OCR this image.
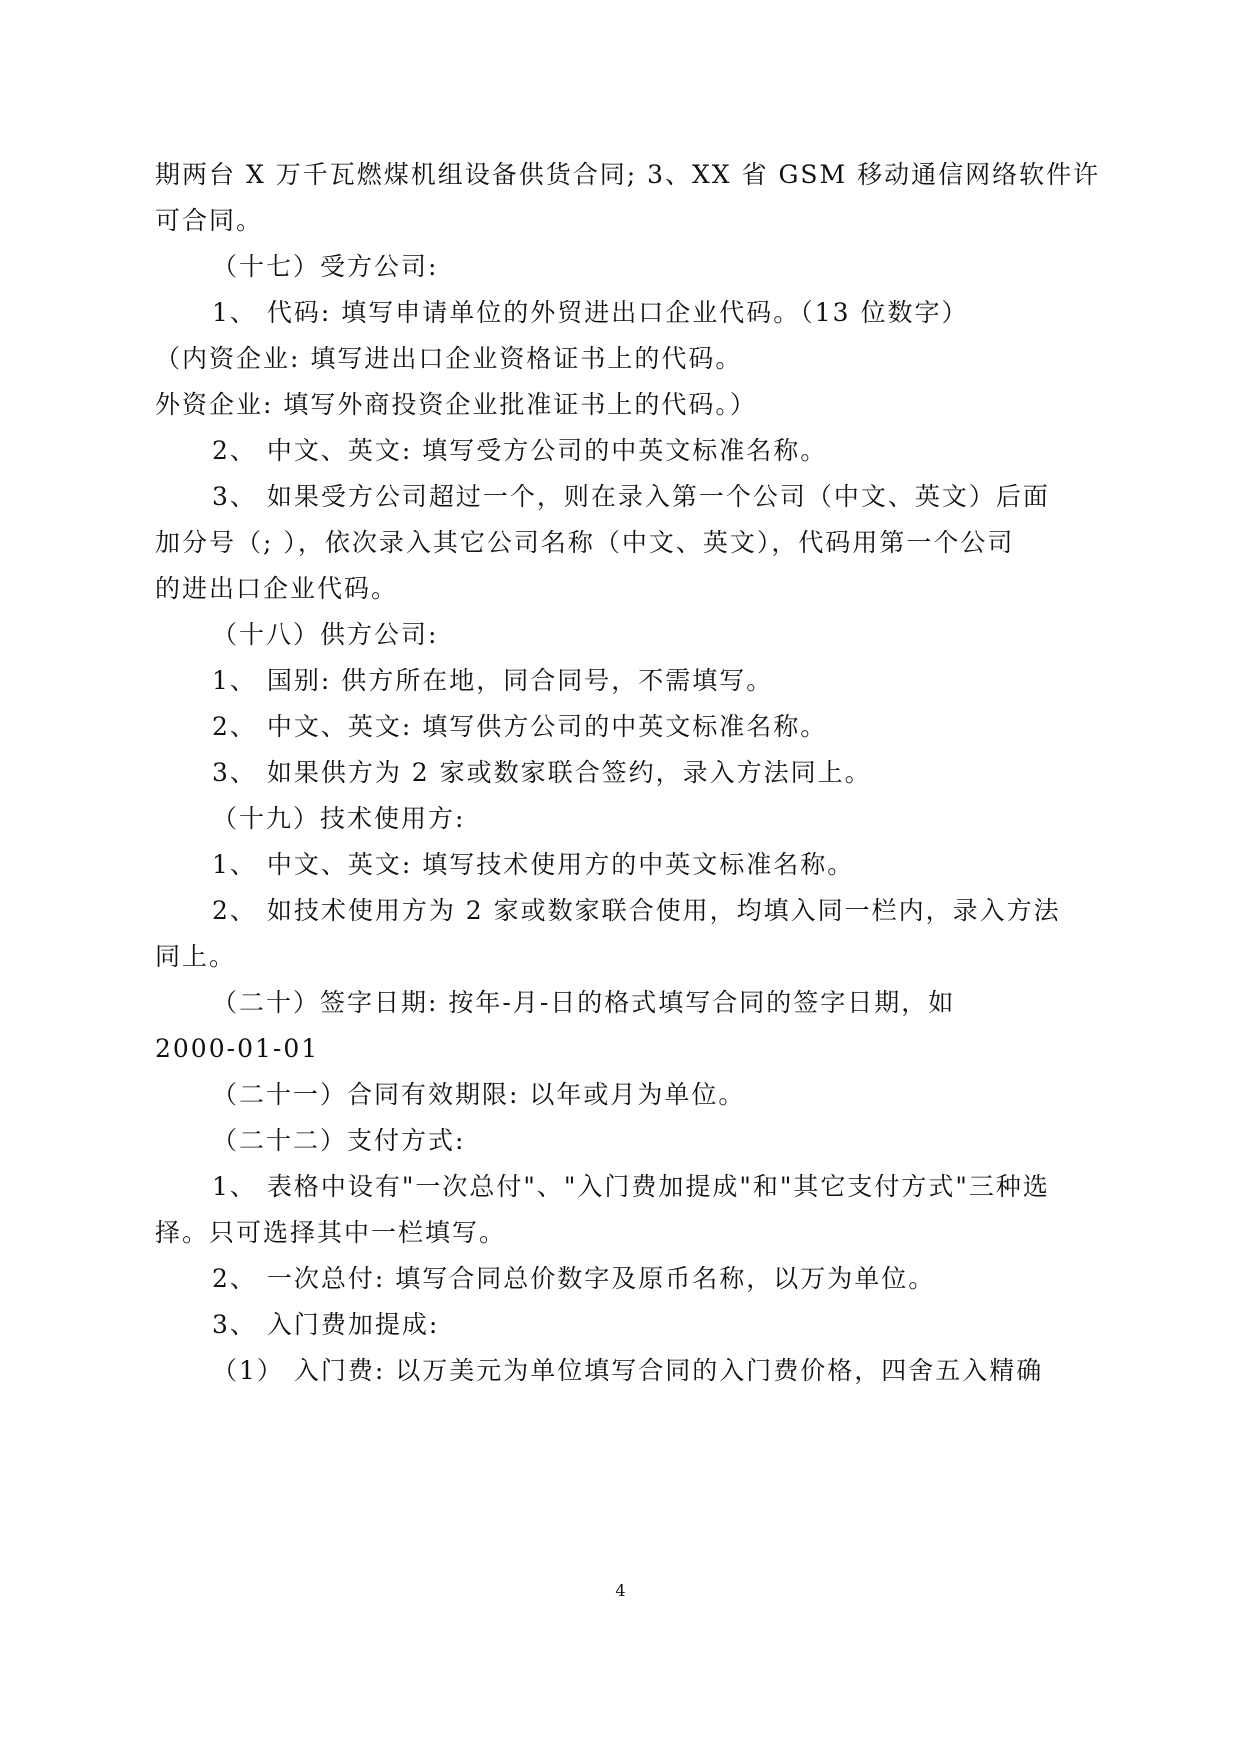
期两台 X 万千瓦燃煤机组设备供货合同; 3、XX 省 GSM 移动通信网络软件许
可合同。
（十七）受方公司:
1、 代码: 填写申请单位的外贸进出口企业代码。（13 位数字）
（内资企业: 填写进出口企业资格证书上的代码。
外资企业: 填写外商投资企业批准证书上的代码。）
2、 中文、英文: 填写受方公司的中英文标准名称。
3、 如果受方公司超过一个，则在录入第一个公司（中文、英文）后面
加分号（; ），依次录入其它公司名称（中文、英文），代码用第一个公司
的进出口企业代码。
（十八）供方公司:
1、 国别: 供方所在地，同合同号，不需填写。
2、 中文、英文: 填写供方公司的中英文标准名称。
3、 如果供方为 2 家或数家联合签约，录入方法同上。
（十九）技术使用方:
1、 中文、英文: 填写技术使用方的中英文标准名称。
2、 如技术使用方为 2 家或数家联合使用，均填入同一栏内，录入方法
同上。
（二十）签字日期: 按年-月-日的格式填写合同的签字日期，如
2000-01-01
（二十一）合同有效期限: 以年或月为单位。
（二十二）支付方式:
1、 表格中设有"一次总付"、"入门费加提成"和"其它支付方式"三种选
择。只可选择其中一栏填写。
2、 一次总付: 填写合同总价数字及原币名称，以万为单位。
3、 入门费加提成:
（1） 入门费: 以万美元为单位填写合同的入门费价格，四舍五入精确
4
